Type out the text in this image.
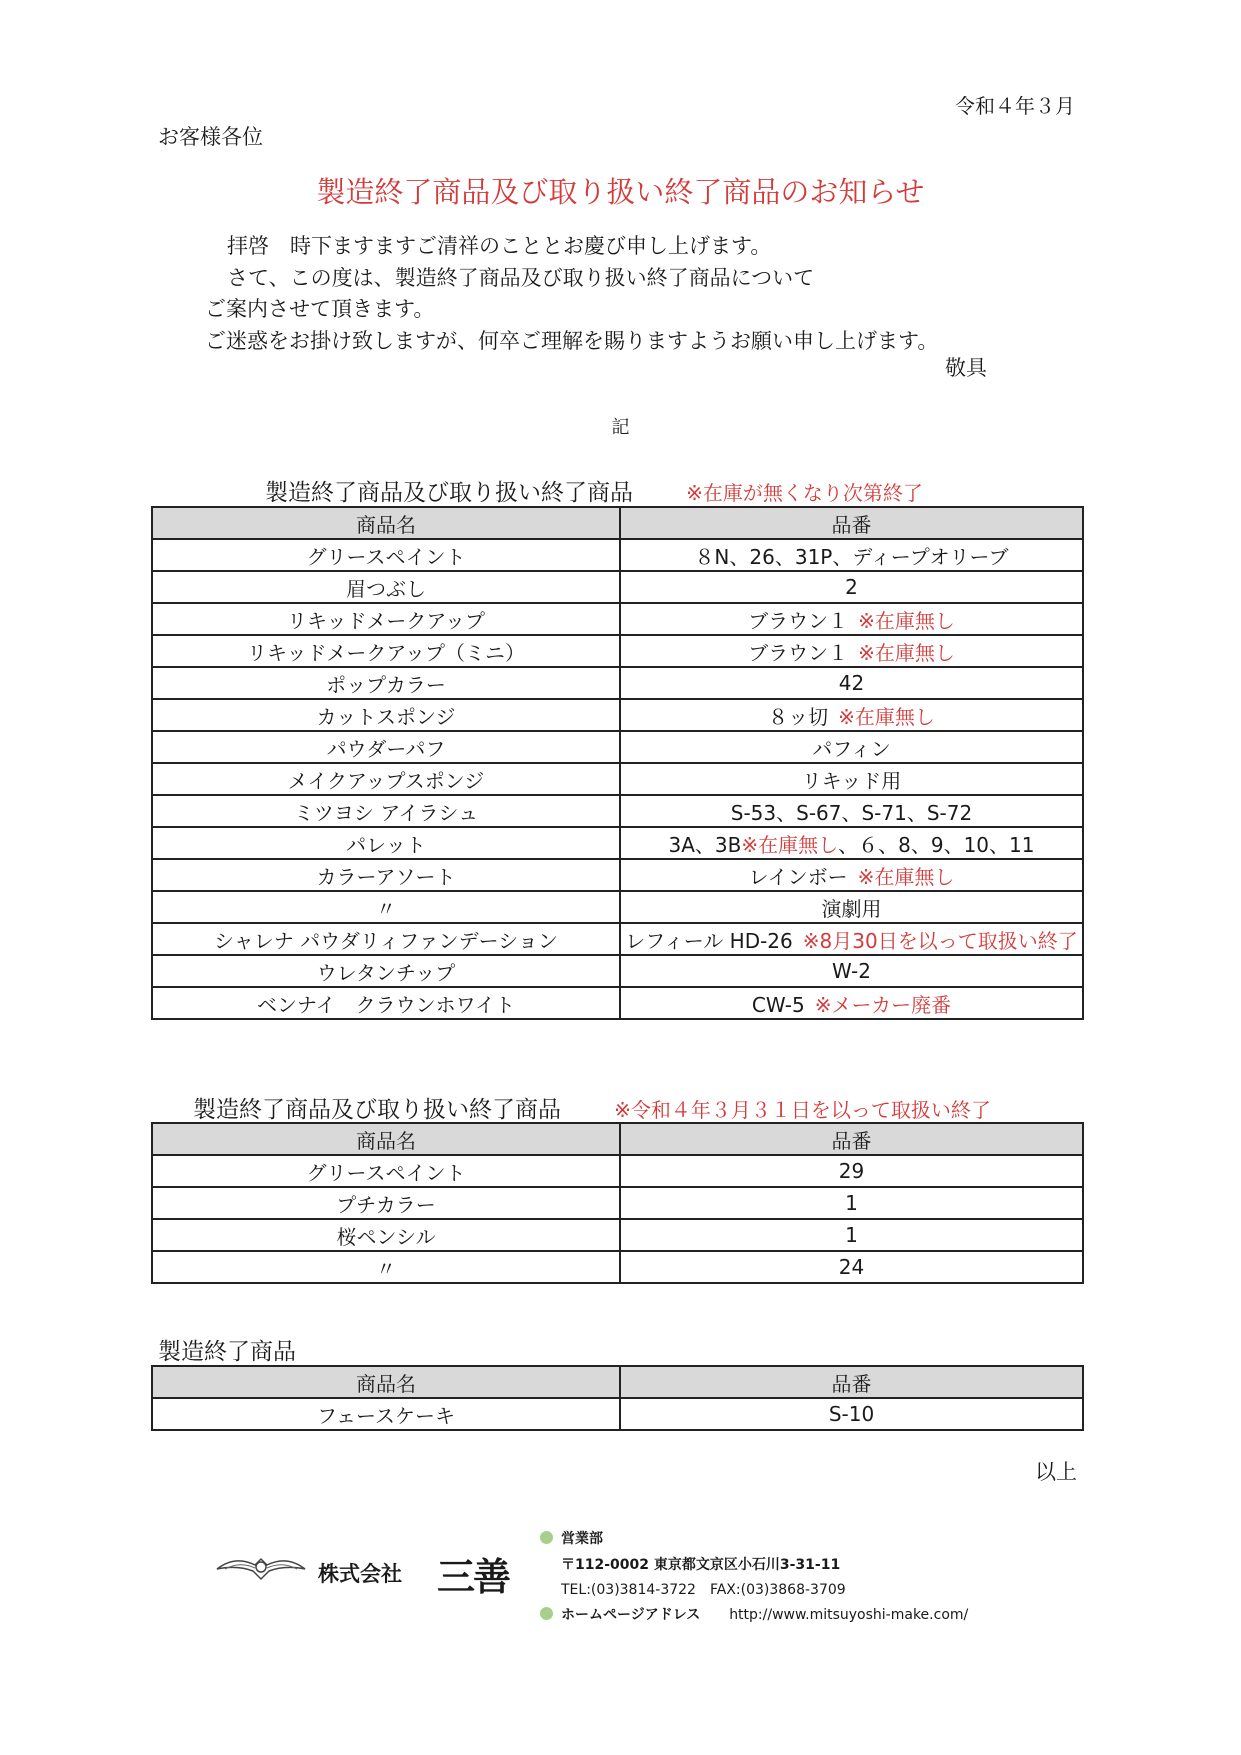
令和４年３月
お客様各位
製造終了商品及び取り扱い終了商品のお知らせ
拝啓　時下ますますご清祥のこととお慶び申し上げます。
さて、この度は、製造終了商品及び取り扱い終了商品について
ご案内させて頂きます。
ご迷惑をお掛け致しますが、何卒ご理解を賜りますようお願い申し上げます。
敬具
記
製造終了商品及び取り扱い終了商品	※在庫が無くなり次第終了
商品名	品番
グリースペイント	８N、26、31P、ディープオリーブ
眉つぶし	2
リキッドメークアップ	ブラウン１ ※在庫無し
リキッドメークアップ（ミニ）	ブラウン１ ※在庫無し
ポップカラー	42
カットスポンジ	８ッ切 ※在庫無し
パウダーパフ	パフィン
メイクアップスポンジ	リキッド用
ミツヨシ アイラシュ	S-53、S-67、S-71、S-72
パレット	3A、3B※在庫無し、６、8、9、10、11
カラーアソート	レインボー ※在庫無し
〃	演劇用
シャレナ パウダリィファンデーション	レフィール HD-26 ※8月30日を以って取扱い終了
ウレタンチップ	W-2
ベンナイ　クラウンホワイト	CW-5 ※メーカー廃番
製造終了商品及び取り扱い終了商品	※令和４年３月３１日を以って取扱い終了
商品名	品番
グリースペイント	29
プチカラー	1
桜ペンシル	1
〃	24
製造終了商品
商品名	品番
フェースケーキ	S-10
以上
株式会社 三善
営業部
〒112-0002 東京都文京区小石川3-31-11
TEL:(03)3814-3722　FAX:(03)3868-3709
ホームページアドレス http://www.mitsuyoshi-make.com/
